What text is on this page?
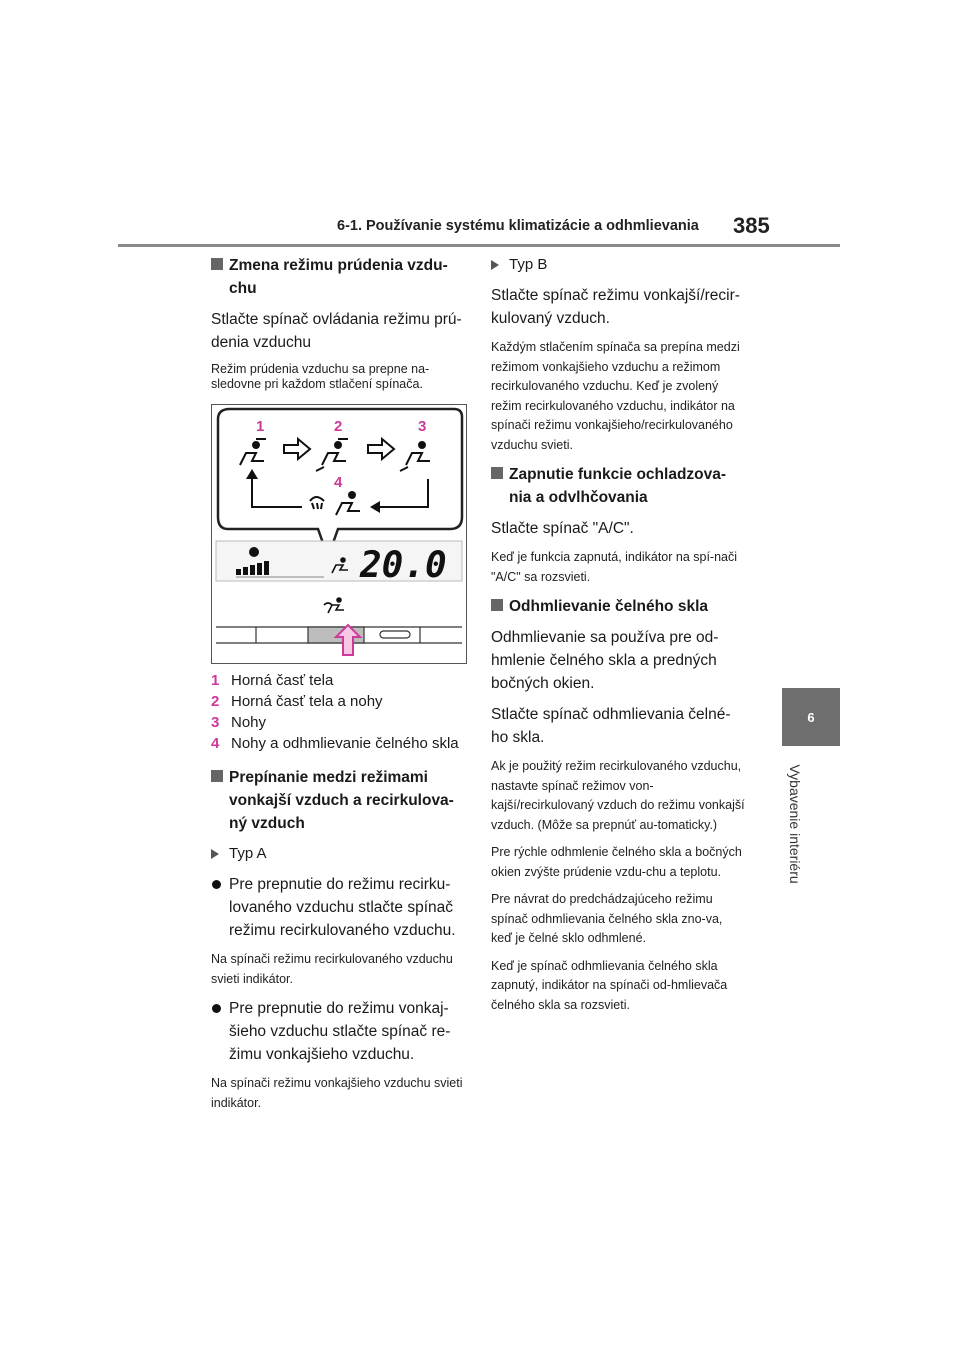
6-1. Používanie systému klimatizácie a odhmlievania 385
6
Vybavenie interiéru
Zmena režimu prúdenia vzdu-chu

Stlačte spínač ovládania režimu prú-denia vzduchu

Režim prúdenia vzduchu sa prepne na-sledovne pri každom stlačení spínača.

1	2	3
4
20.0
1 Horná časť tela
2 Horná časť tela a nohy
3 Nohy
4 Nohy a odhmlievanie čelného skla
Prepínanie medzi režimami vonkajší vzduch a recirkulova-ný vzduch
Typ A
Pre prepnutie do režimu recirku-lovaného vzduchu stlačte spínač režimu recirkulovaného vzduchu.

Na spínači režimu recirkulovaného vzduchu svieti indikátor.

Pre prepnutie do režimu vonkaj-šieho vzduchu stlačte spínač re-žimu vonkajšieho vzduchu.

Na spínači režimu vonkajšieho vzduchu svieti indikátor.

Typ B

Stlačte spínač režimu vonkajší/recir-kulovaný vzduch.

Každým stlačením spínača sa prepína medzi režimom vonkajšieho vzduchu a režimom recirkulovaného vzduchu. Keď je zvolený režim recirkulovaného vzduchu, indikátor na spínači režimu vonkajšieho/recirkulovaného vzduchu svieti.

Zapnutie funkcie ochladzova-nia a odvlhčovania

Stlačte spínač "A/C".

Keď je funkcia zapnutá, indikátor na spí-nači "A/C" sa rozsvieti.

Odhmlievanie čelného skla

Odhmlievanie sa používa pre od-hmlenie čelného skla a predných bočných okien.

Stlačte spínač odhmlievania čelné-ho skla.

Ak je použitý režim recirkulovaného vzduchu, nastavte spínač režimov von-kajší/recirkulovaný vzduch do režimu vonkajší vzduch. (Môže sa prepnúť au-tomaticky.)

Pre rýchle odhmlenie čelného skla a bočných okien zvýšte prúdenie vzdu-chu a teplotu.

Pre návrat do predchádzajúceho režimu spínač odhmlievania čelného skla zno-va, keď je čelné sklo odhmlené.

Keď je spínač odhmlievania čelného skla zapnutý, indikátor na spínači od-hmlievača čelného skla sa rozsvieti.
